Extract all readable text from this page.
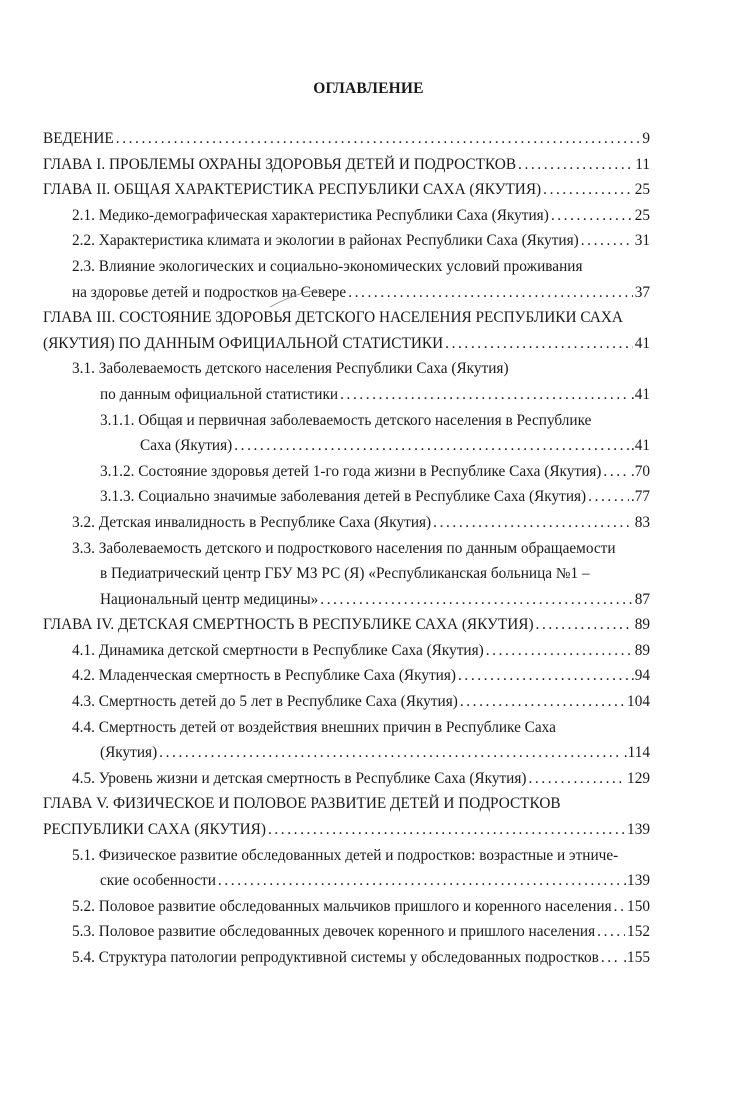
ОГЛАВЛЕНИЕ
ВЕДЕНИЕ .....	9
ГЛАВА I. ПРОБЛЕМЫ ОХРАНЫ ЗДОРОВЬЯ ДЕТЕЙ И ПОДРОСТКОВ .....	11
ГЛАВА II. ОБЩАЯ ХАРАКТЕРИСТИКА РЕСПУБЛИКИ САХА (ЯКУТИЯ) .....	25
2.1. Медико-демографическая характеристика Республики Саха (Якутия) .....	25
2.2. Характеристика климата и экологии в районах Республики Саха (Якутия) .....	31
2.3. Влияние экологических и социально-экономических условий проживания
на здоровье детей и подростков на Севере .....	37
ГЛАВА III. СОСТОЯНИЕ ЗДОРОВЬЯ ДЕТСКОГО НАСЕЛЕНИЯ РЕСПУБЛИКИ САХА
(ЯКУТИЯ) ПО ДАННЫМ ОФИЦИАЛЬНОЙ СТАТИСТИКИ .....	41
3.1. Заболеваемость детского населения Республики Саха (Якутия)
по данным официальной статистики .....	.41
3.1.1. Общая и первичная заболеваемость детского населения в Республике
Саха (Якутия) .....	.41
3.1.2. Состояние здоровья детей 1-го года жизни в Республике Саха (Якутия) ..... .70
3.1.3. Социально значимые заболевания детей в Республике Саха (Якутия) .....	.77
3.2. Детская инвалидность в Республике Саха (Якутия) .....	83
3.3. Заболеваемость детского и подросткового населения по данным обращаемости
в Педиатрический центр ГБУ МЗ РС (Я) «Республиканская больница №1 –
Национальный центр медицины» .....	87
ГЛАВА IV. ДЕТСКАЯ СМЕРТНОСТЬ В РЕСПУБЛИКЕ САХА (ЯКУТИЯ) .....	89
4.1. Динамика детской смертности в Республике Саха (Якутия) .....	89
4.2. Младенческая смертность в Республике Саха (Якутия) .....	.94
4.3. Смертность детей до 5 лет в Республике Саха (Якутия) .....	104
4.4. Смертность детей от воздействия внешних причин в Республике Саха
(Якутия) .....	.114
4.5. Уровень жизни и детская смертность в Республике Саха (Якутия) .....	129
ГЛАВА V. ФИЗИЧЕСКОЕ И ПОЛОВОЕ РАЗВИТИЕ ДЕТЕЙ И ПОДРОСТКОВ
РЕСПУБЛИКИ САХА (ЯКУТИЯ) .....	139
5.1. Физическое развитие обследованных детей и подростков: возрастные и этниче-
ские особенности .....	.139
5.2. Половое развитие обследованных мальчиков пришлого и коренного населения ..... 150
5.3. Половое развитие обследованных девочек коренного и пришлого населения ..... 152
5.4. Структура патологии репродуктивной системы у обследованных подростков ..... .155
